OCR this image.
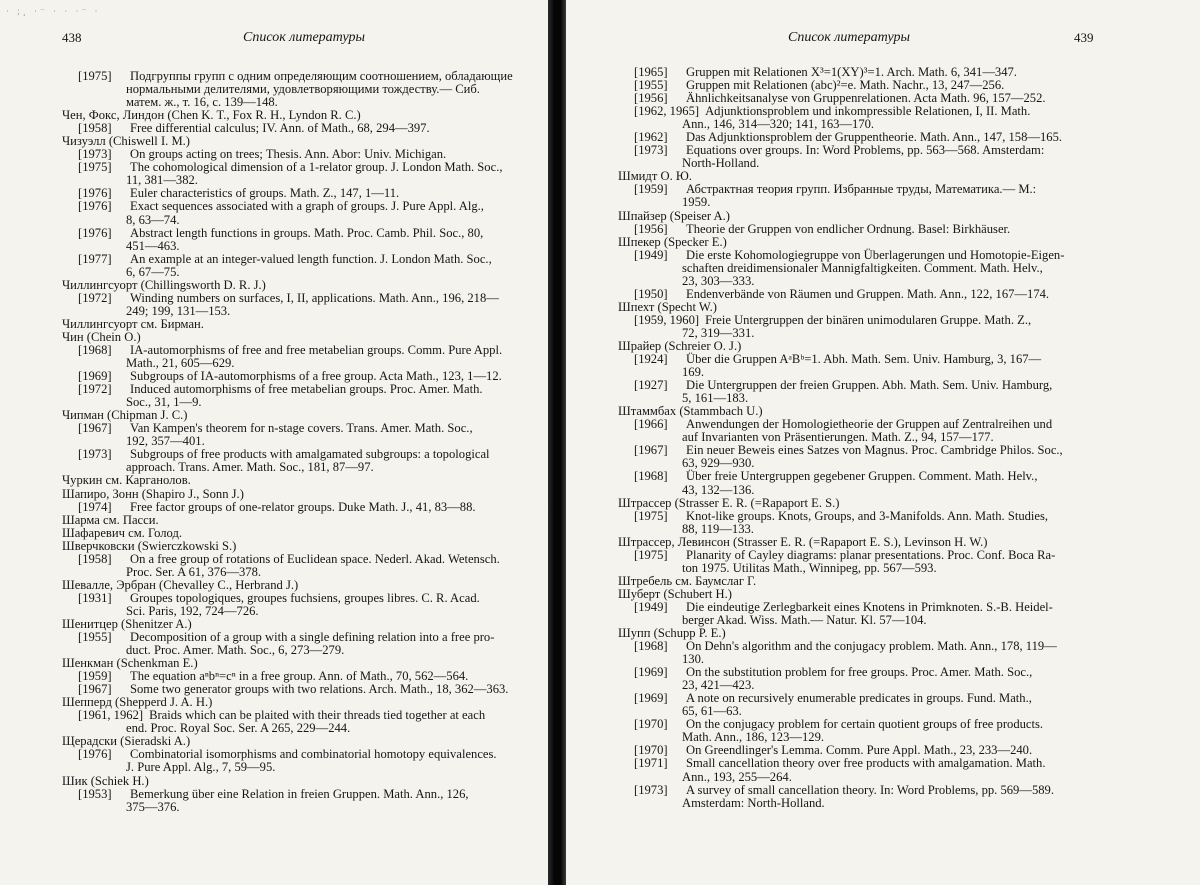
· ;¸ ·⁻ · · ·⁻ ·
438	Список литературы
[1975] Подгруппы групп с одним определяющим соотношением, обладающие
нормальными делителями, удовлетворяющими тождеству.— Сиб.
матем. ж., т. 16, с. 139—148.
Чен, Фокс, Линдон (Chen K. T., Fox R. H., Lyndon R. C.)
[1958] Free differential calculus; IV. Ann. of Math., 68, 294—397.
Чизуэлл (Chiswell I. M.)
[1973] On groups acting on trees; Thesis. Ann. Abor: Univ. Michigan.
[1975] The cohomological dimension of a 1-relator group. J. London Math. Soc.,
11, 381—382.
[1976] Euler characteristics of groups. Math. Z., 147, 1—11.
[1976] Exact sequences associated with a graph of groups. J. Pure Appl. Alg.,
8, 63—74.
[1976] Abstract length functions in groups. Math. Proc. Camb. Phil. Soc., 80,
451—463.
[1977] An example at an integer-valued length function. J. London Math. Soc.,
6, 67—75.
Чиллингсуорт (Chillingsworth D. R. J.)
[1972] Winding numbers on surfaces, I, II, applications. Math. Ann., 196, 218—
249; 199, 131—153.
Чиллингсуорт см. Бирман.
Чин (Chein O.)
[1968] IA-automorphisms of free and free metabelian groups. Comm. Pure Appl.
Math., 21, 605—629.
[1969] Subgroups of IA-automorphisms of a free group. Acta Math., 123, 1—12.
[1972] Induced automorphisms of free metabelian groups. Proc. Amer. Math.
Soc., 31, 1—9.
Чипман (Chipman J. C.)
[1967] Van Kampen's theorem for n-stage covers. Trans. Amer. Math. Soc.,
192, 357—401.
[1973] Subgroups of free products with amalgamated subgroups: a topological
approach. Trans. Amer. Math. Soc., 181, 87—97.
Чуркин см. Карганолов.
Шапиро, Зонн (Shapiro J., Sonn J.)
[1974] Free factor groups of one-relator groups. Duke Math. J., 41, 83—88.
Шарма см. Пасси.
Шафаревич см. Голод.
Шверчковски (Swierczkowski S.)
[1958] On a free group of rotations of Euclidean space. Nederl. Akad. Wetensch.
Proc. Ser. A 61, 376—378.
Шевалле, Эрбран (Chevalley C., Herbrand J.)
[1931] Groupes topologiques, groupes fuchsiens, groupes libres. C. R. Acad.
Sci. Paris, 192, 724—726.
Шенитцер (Shenitzer A.)
[1955] Decomposition of a group with a single defining relation into a free pro-
duct. Proc. Amer. Math. Soc., 6, 273—279.
Шенкман (Schenkman E.)
[1959] The equation aⁿbⁿ=cⁿ in a free group. Ann. of Math., 70, 562—564.
[1967] Some two generator groups with two relations. Arch. Math., 18, 362—363.
Шепперд (Shepperd J. A. H.)
[1961, 1962] Braids which can be plaited with their threads tied together at each
end. Proc. Royal Soc. Ser. A 265, 229—244.
Щерадски (Sieradski A.)
[1976] Combinatorial isomorphisms and combinatorial homotopy equivalences.
J. Pure Appl. Alg., 7, 59—95.
Шик (Schiek H.)
[1953] Bemerkung über eine Relation in freien Gruppen. Math. Ann., 126,
375—376.
Список литературы	439
[1965] Gruppen mit Relationen X³=1(XY)³=1. Arch. Math. 6, 341—347.
[1955] Gruppen mit Relationen (abc)²=e. Math. Nachr., 13, 247—256.
[1956] Ähnlichkeitsanalyse von Gruppenrelationen. Acta Math. 96, 157—252.
[1962, 1965] Adjunktionsproblem und inkompressible Relationen, I, II. Math.
Ann., 146, 314—320; 141, 163—170.
[1962] Das Adjunktionsproblem der Gruppentheorie. Math. Ann., 147, 158—165.
[1973] Equations over groups. In: Word Problems, pp. 563—568. Amsterdam:
North-Holland.
Шмидт О. Ю.
[1959] Абстрактная теория групп. Избранные труды, Математика.— М.:
1959.
Шпайзер (Speiser A.)
[1956] Theorie der Gruppen von endlicher Ordnung. Basel: Birkhäuser.
Шпекер (Specker E.)
[1949] Die erste Kohomologiegruppe von Überlagerungen und Homotopie-Eigen-
schaften dreidimensionaler Mannigfaltigkeiten. Comment. Math. Helv.,
23, 303—333.
[1950] Endenverbände von Räumen und Gruppen. Math. Ann., 122, 167—174.
Шпехт (Specht W.)
[1959, 1960] Freie Untergruppen der binären unimodularen Gruppe. Math. Z.,
72, 319—331.
Шрайер (Schreier O. J.)
[1924] Über die Gruppen AᵃBᵇ=1. Abh. Math. Sem. Univ. Hamburg, 3, 167—
169.
[1927] Die Untergruppen der freien Gruppen. Abh. Math. Sem. Univ. Hamburg,
5, 161—183.
Штаммбах (Stammbach U.)
[1966] Anwendungen der Homologietheorie der Gruppen auf Zentralreihen und
auf Invarianten von Präsentierungen. Math. Z., 94, 157—177.
[1967] Ein neuer Beweis eines Satzes von Magnus. Proc. Cambridge Philos. Soc.,
63, 929—930.
[1968] Über freie Untergruppen gegebener Gruppen. Comment. Math. Helv.,
43, 132—136.
Штрассер (Strasser E. R. (=Rapaport E. S.)
[1975] Knot-like groups. Knots, Groups, and 3-Manifolds. Ann. Math. Studies,
88, 119—133.
Штрассер, Левинсон (Strasser E. R. (=Rapaport E. S.), Levinson H. W.)
[1975] Planarity of Cayley diagrams: planar presentations. Proc. Conf. Boca Ra-
ton 1975. Utilitas Math., Winnipeg, pp. 567—593.
Штребель см. Баумслаг Г.
Шуберт (Schubert H.)
[1949] Die eindeutige Zerlegbarkeit eines Knotens in Primknoten. S.-B. Heidel-
berger Akad. Wiss. Math.— Natur. Kl. 57—104.
Шупп (Schupp P. E.)
[1968] On Dehn's algorithm and the conjugacy problem. Math. Ann., 178, 119—
130.
[1969] On the substitution problem for free groups. Proc. Amer. Math. Soc.,
23, 421—423.
[1969] A note on recursively enumerable predicates in groups. Fund. Math.,
65, 61—63.
[1970] On the conjugacy problem for certain quotient groups of free products.
Math. Ann., 186, 123—129.
[1970] On Greendlinger's Lemma. Comm. Pure Appl. Math., 23, 233—240.
[1971] Small cancellation theory over free products with amalgamation. Math.
Ann., 193, 255—264.
[1973] A survey of small cancellation theory. In: Word Problems, pp. 569—589.
Amsterdam: North-Holland.
